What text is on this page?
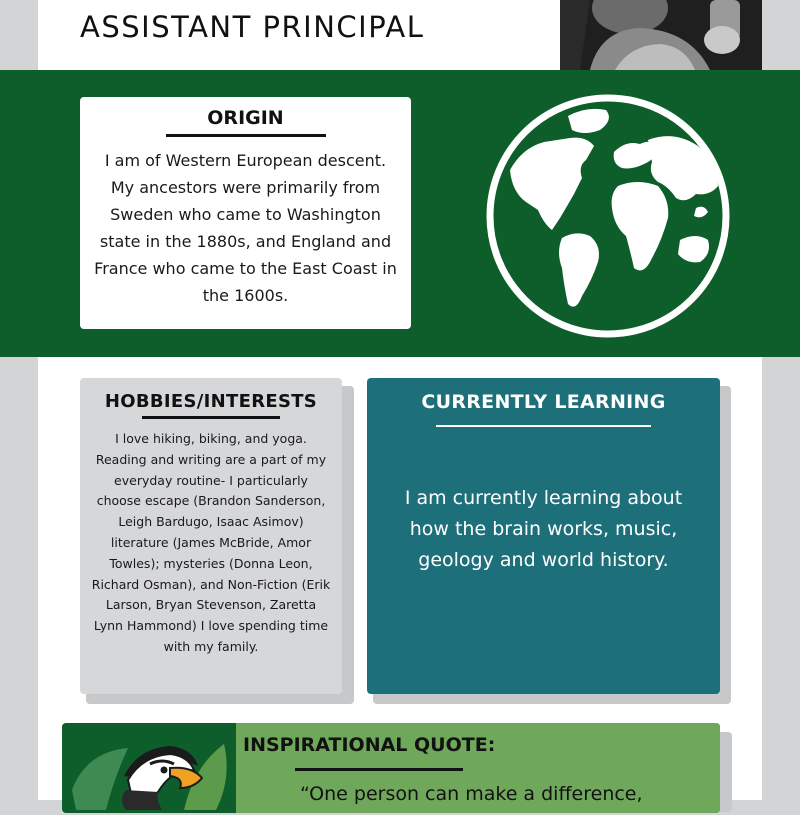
ASSISTANT PRINCIPAL
ORIGIN
I am of Western European descent. My ancestors were primarily from Sweden who came to Washington state in the 1880s, and England and France who came to the East Coast in the 1600s.
HOBBIES/INTERESTS
I love hiking, biking, and yoga. Reading and writing are a part of my everyday routine- I particularly choose escape (Brandon Sanderson, Leigh Bardugo, Isaac Asimov) literature (James McBride, Amor Towles); mysteries (Donna Leon, Richard Osman), and Non-Fiction (Erik Larson, Bryan Stevenson, Zaretta Lynn Hammond) I love spending time with my family.
CURRENTLY LEARNING
I am currently learning about how the brain works, music, geology and world history.
INSPIRATIONAL QUOTE:

“One person can make a difference,
